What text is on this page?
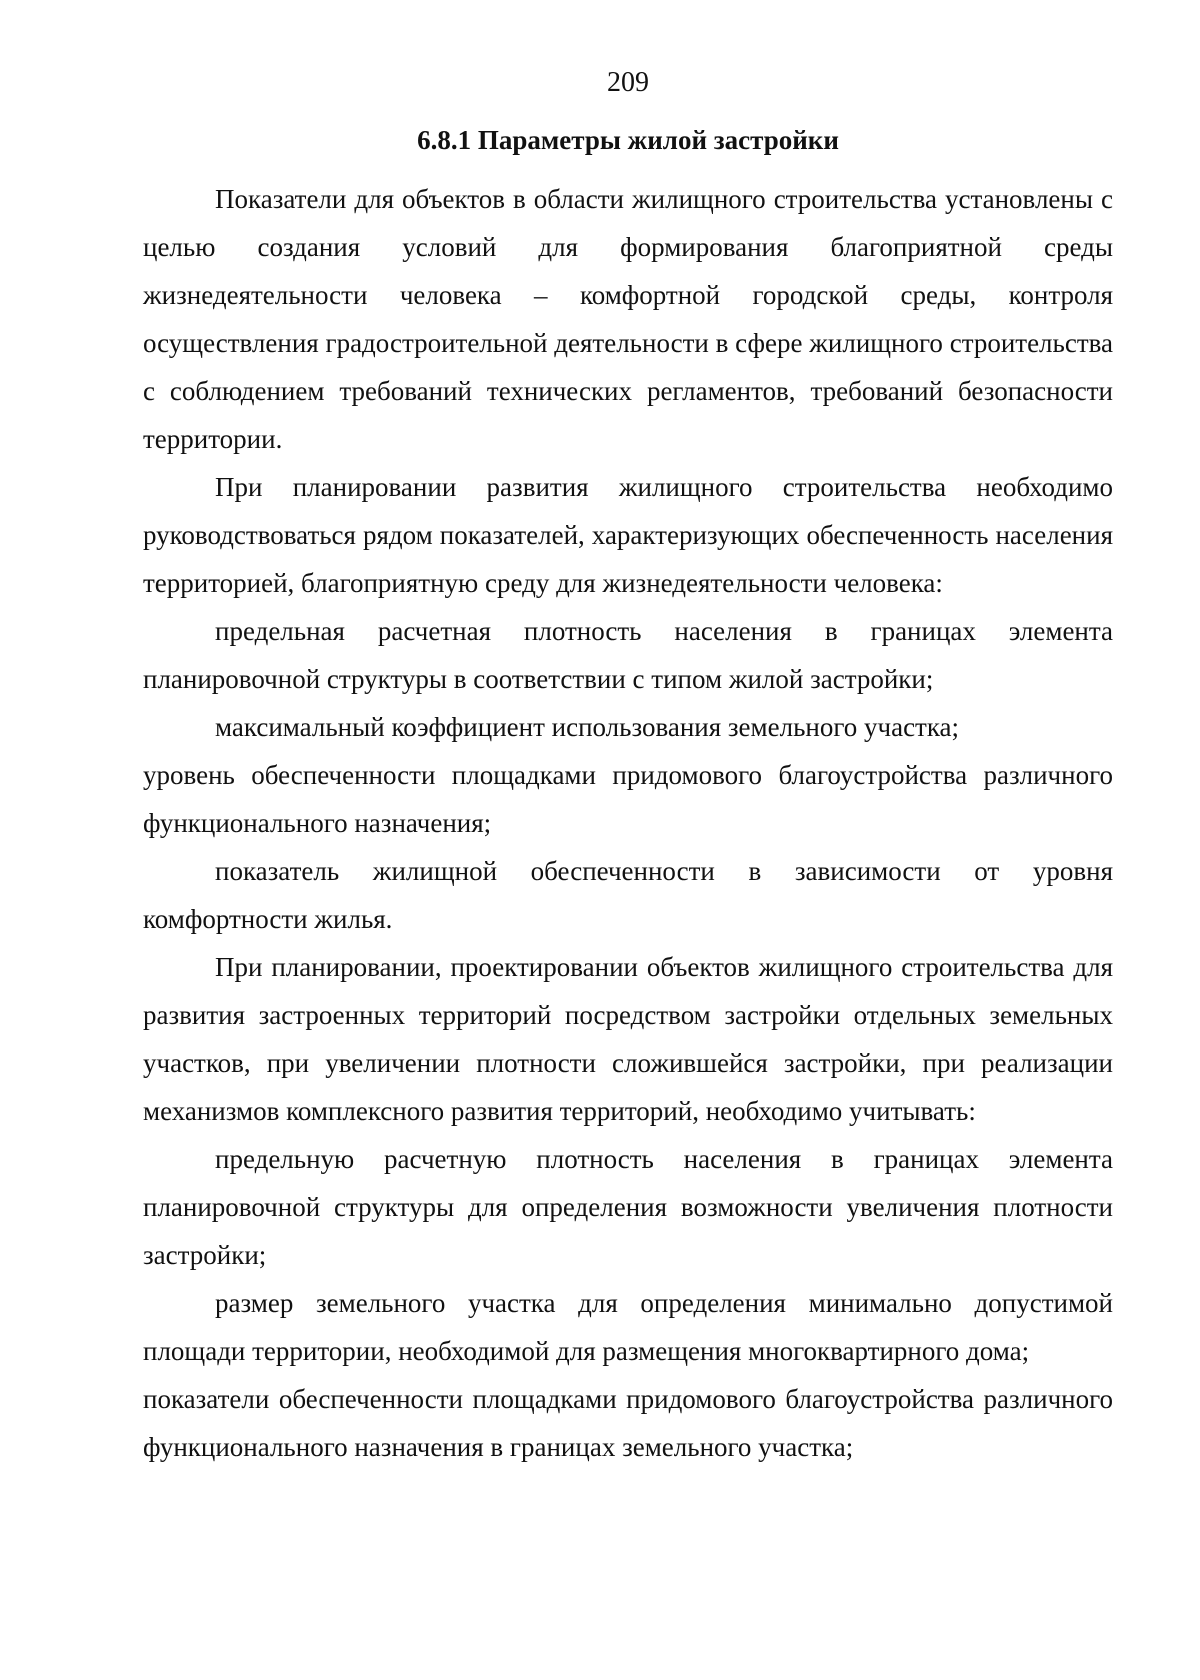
209
6.8.1 Параметры жилой застройки

Показатели для объектов в области жилищного строительства установлены с целью создания условий для формирования благоприятной среды жизнедеятельности человека – комфортной городской среды, контроля осуществления градостроительной деятельности в сфере жилищного строительства с соблюдением требований технических регламентов, требований безопасности территории.

При планировании развития жилищного строительства необходимо руководствоваться рядом показателей, характеризующих обеспеченность населения территорией, благоприятную среду для жизнедеятельности человека:

предельная расчетная плотность населения в границах элемента планировочной структуры в соответствии с типом жилой застройки;

максимальный коэффициент использования земельного участка;

уровень обеспеченности площадками придомового благоустройства различного функционального назначения;

показатель жилищной обеспеченности в зависимости от уровня комфортности жилья.

При планировании, проектировании объектов жилищного строительства для развития застроенных территорий посредством застройки отдельных земельных участков, при увеличении плотности сложившейся застройки, при реализации механизмов комплексного развития территорий, необходимо учитывать:

предельную расчетную плотность населения в границах элемента планировочной структуры для определения возможности увеличения плотности застройки;

размер земельного участка для определения минимально допустимой площади территории, необходимой для размещения многоквартирного дома;

показатели обеспеченности площадками придомового благоустройства различного функционального назначения в границах земельного участка;
